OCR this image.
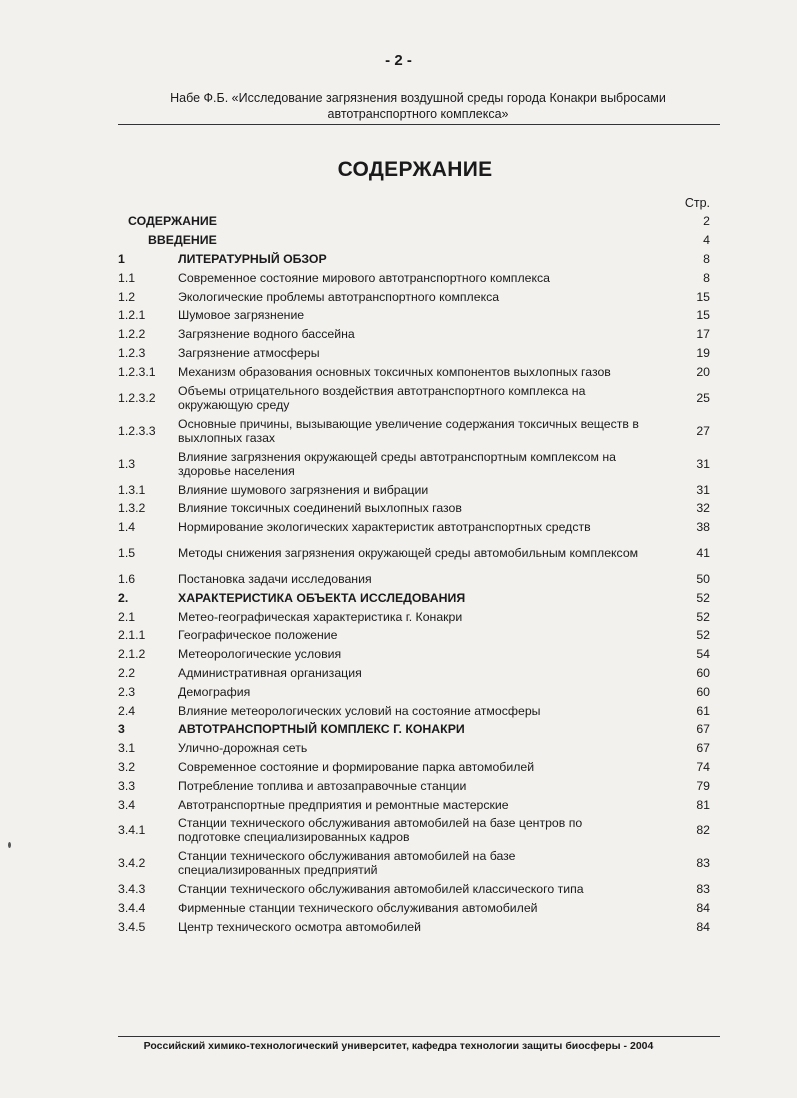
- 2 -
Набе Ф.Б. «Исследование загрязнения воздушной среды города Конакри выбросами
автотранспортного комплекса»
СОДЕРЖАНИЕ
Стр.
СОДЕРЖАНИЕ	2
ВВЕДЕНИЕ	4
1	ЛИТЕРАТУРНЫЙ ОБЗОР	8
1.1	Современное состояние мирового автотранспортного комплекса	8
1.2	Экологические проблемы автотранспортного комплекса	15
1.2.1	Шумовое загрязнение	15
1.2.2	Загрязнение водного бассейна	17
1.2.3	Загрязнение атмосферы	19
1.2.3.1	Механизм образования основных токсичных компонентов выхлопных газов	20
1.2.3.2	Объемы отрицательного воздействия автотранспортного комплекса на окружающую среду	25
1.2.3.3	Основные причины, вызывающие увеличение содержания токсичных веществ в выхлопных газах	27
1.3	Влияние загрязнения окружающей среды автотранспортным комплексом на здоровье населения	31
1.3.1	Влияние шумового загрязнения и вибрации	31
1.3.2	Влияние токсичных соединений выхлопных газов	32
1.4	Нормирование экологических характеристик автотранспортных средств	38
1.5	Методы снижения загрязнения окружающей среды автомобильным комплексом	41
1.6	Постановка задачи исследования	50
2.	ХАРАКТЕРИСТИКА ОБЪЕКТА ИССЛЕДОВАНИЯ	52
2.1	Метео-географическая характеристика г. Конакри	52
2.1.1	Географическое положение	52
2.1.2	Метеорологические условия	54
2.2	Административная организация	60
2.3	Демография	60
2.4	Влияние метеорологических условий на состояние атмосферы	61
3	АВТОТРАНСПОРТНЫЙ КОМПЛЕКС Г. КОНАКРИ	67
3.1	Улично-дорожная сеть	67
3.2	Современное состояние и формирование парка автомобилей	74
3.3	Потребление топлива и автозаправочные станции	79
3.4	Автотранспортные предприятия и ремонтные мастерские	81
3.4.1	Станции технического обслуживания автомобилей на базе центров по подготовке специализированных кадров	82
3.4.2	Станции технического обслуживания автомобилей на базе специализированных предприятий	83
3.4.3	Станции технического обслуживания автомобилей классического типа	83
3.4.4	Фирменные станции технического обслуживания автомобилей	84
3.4.5	Центр технического осмотра автомобилей	84
Российский химико-технологический университет, кафедра технологии защиты биосферы - 2004
